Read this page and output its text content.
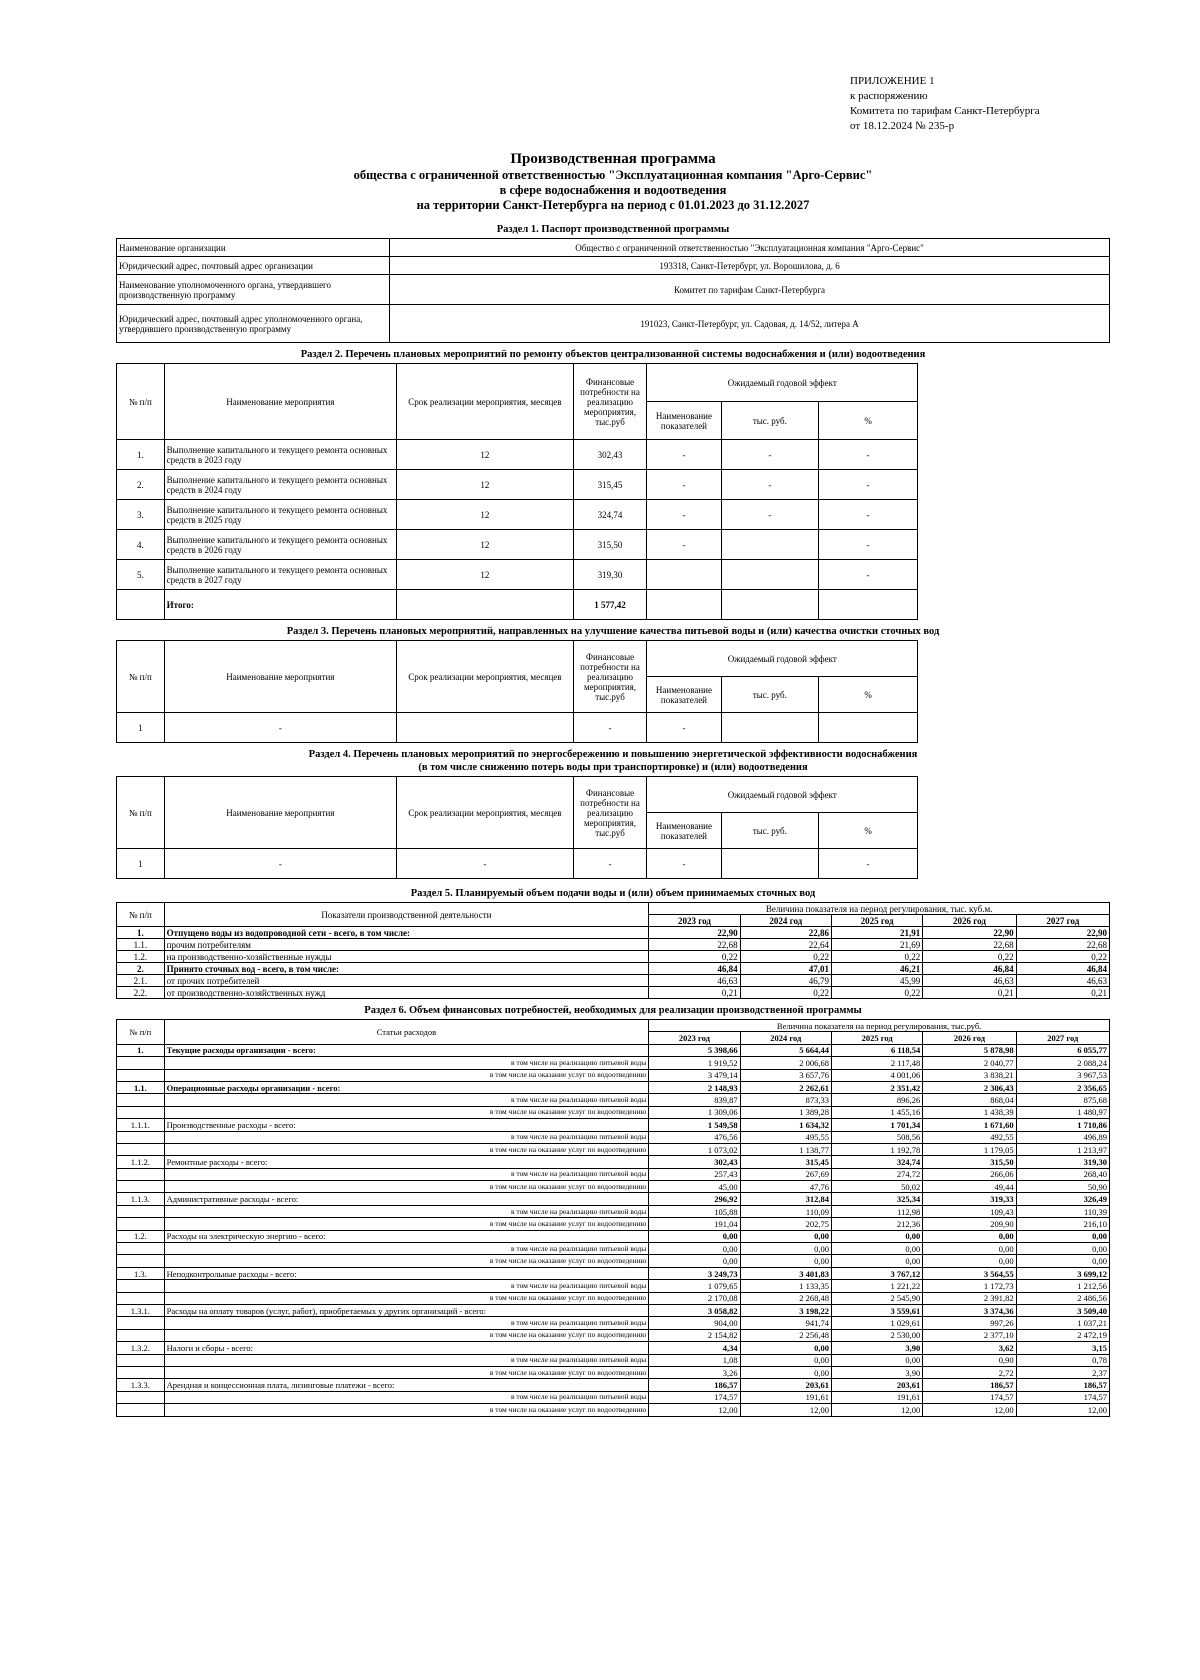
ПРИЛОЖЕНИЕ 1
к распоряжению
Комитета по тарифам Санкт-Петербурга
от 18.12.2024 № 235-р
Производственная программа
общества с ограниченной ответственностью "Эксплуатационная компания "Арго-Сервис"
в сфере водоснабжения и водоотведения
на территории Санкт-Петербурга на период с 01.01.2023 до 31.12.2027
Раздел 1. Паспорт производственной программы
Наименование организации	Общество с ограниченной ответственностью "Эксплуатационная компания "Арго-Сервис"
Юридический адрес, почтовый адрес организации	193318, Санкт-Петербург, ул. Ворошилова, д. 6
Наименование уполномоченного органа, утвердившего производственную программу	Комитет по тарифам Санкт-Петербурга
Юридический адрес, почтовый адрес уполномоченного органа, утвердившего производственную программу	191023, Санкт-Петербург, ул. Садовая, д. 14/52, литера А
Раздел 2. Перечень плановых мероприятий по ремонту объектов централизованной системы водоснабжения и (или) водоотведения
№ п/п	Наименование мероприятия	Срок реализации мероприятия, месяцев	Финансовые потребности на реализацию мероприятия, тыс.руб	Ожидаемый годовой эффект			
				Наименование показателей	тыс. руб.	%	
1.	Выполнение капитального и текущего ремонта основных средств в 2023 году	12	302,43	-	-	-	
2.	Выполнение капитального и текущего ремонта основных средств в 2024 году	12	315,45	-	-	-	
3.	Выполнение капитального и текущего ремонта основных средств в 2025 году	12	324,74	-	-	-	
4.	Выполнение капитального и текущего ремонта основных средств в 2026 году	12	315,50	-		-	
5.	Выполнение капитального и текущего ремонта основных средств в 2027 году	12	319,30			-	
	Итого:		1 577,42				
Раздел 3. Перечень плановых мероприятий, направленных на улучшение качества питьевой воды и (или) качества очистки сточных вод
№ п/п	Наименование мероприятия	Срок реализации мероприятия, месяцев	Финансовые потребности на реализацию мероприятия, тыс.руб	Ожидаемый годовой эффект			
				Наименование показателей	тыс. руб.	%	
1	-		-	-			
Раздел 4. Перечень плановых мероприятий по энергосбережению и повышению энергетической эффективности водоснабжения
(в том числе снижению потерь воды при транспортировке) и (или) водоотведения
№ п/п	Наименование мероприятия	Срок реализации мероприятия, месяцев	Финансовые потребности на реализацию мероприятия, тыс.руб	Ожидаемый годовой эффект			
				Наименование показателей	тыс. руб.	%	
1	-	-	-	-		-	
Раздел 5. Планируемый объем подачи воды и (или) объем принимаемых сточных вод
№ п/п	Показатели производственной деятельности	Величина показателя на период регулирования, тыс. куб.м.				
		2023 год	2024 год	2025 год	2026 год	2027 год
1.	Отпущено воды из водопроводной сети - всего, в том числе:	22,90	22,86	21,91	22,90	22,90
1.1.	прочим потребителям	22,68	22,64	21,69	22,68	22,68
1.2.	на производственно-хозяйственные нужды	0,22	0,22	0,22	0,22	0,22
2.	Принято сточных вод - всего, в том числе:	46,84	47,01	46,21	46,84	46,84
2.1.	от прочих потребителей	46,63	46,79	45,99	46,63	46,63
2.2.	от производственно-хозяйственных нужд	0,21	0,22	0,22	0,21	0,21
Раздел 6. Объем финансовых потребностей, необходимых для реализации производственной программы
№ п/п	Статьи расходов	Величина показателя на период регулирования, тыс.руб.				
		2023 год	2024 год	2025 год	2026 год	2027 год
1.	Текущие расходы организации - всего:	5 398,66	5 664,44	6 118,54	5 878,98	6 055,77
	в том числе на реализацию питьевой воды	1 919,52	2 006,68	2 117,48	2 040,77	2 088,24
	в том числе на оказание услуг по водоотведению	3 479,14	3 657,76	4 001,06	3 838,21	3 967,53
1.1.	Операционные расходы организации - всего:	2 148,93	2 262,61	2 351,42	2 306,43	2 356,65
	в том числе на реализацию питьевой воды	839,87	873,33	896,26	868,04	875,68
	в том числе на оказание услуг по водоотведению	1 309,06	1 389,28	1 455,16	1 438,39	1 480,97
1.1.1.	Производственные расходы - всего:	1 549,58	1 634,32	1 701,34	1 671,60	1 710,86
	в том числе на реализацию питьевой воды	476,56	495,55	508,56	492,55	496,89
	в том числе на оказание услуг по водоотведению	1 073,02	1 138,77	1 192,78	1 179,05	1 213,97
1.1.2.	Ремонтные расходы - всего:	302,43	315,45	324,74	315,50	319,30
	в том числе на реализацию питьевой воды	257,43	267,69	274,72	266,06	268,40
	в том числе на оказание услуг по водоотведению	45,00	47,76	50,02	49,44	50,90
1.1.3.	Административные расходы - всего:	296,92	312,84	325,34	319,33	326,49
	в том числе на реализацию питьевой воды	105,88	110,09	112,98	109,43	110,39
	в том числе на оказание услуг по водоотведению	191,04	202,75	212,36	209,90	216,10
1.2.	Расходы на электрическую энергию - всего:	0,00	0,00	0,00	0,00	0,00
	в том числе на реализацию питьевой воды	0,00	0,00	0,00	0,00	0,00
	в том числе на оказание услуг по водоотведению	0,00	0,00	0,00	0,00	0,00
1.3.	Неподконтрольные расходы - всего:	3 249,73	3 401,83	3 767,12	3 564,55	3 699,12
	в том числе на реализацию питьевой воды	1 079,65	1 133,35	1 221,22	1 172,73	1 212,56
	в том числе на оказание услуг по водоотведению	2 170,08	2 268,48	2 545,90	2 391,82	2 486,56
1.3.1.	Расходы на оплату товаров (услуг, работ), приобретаемых у других организаций - всего:	3 058,82	3 198,22	3 559,61	3 374,36	3 509,40
	в том числе на реализацию питьевой воды	904,00	941,74	1 029,61	997,26	1 037,21
	в том числе на оказание услуг по водоотведению	2 154,82	2 256,48	2 530,00	2 377,10	2 472,19
1.3.2.	Налоги и сборы - всего:	4,34	0,00	3,90	3,62	3,15
	в том числе на реализацию питьевой воды	1,08	0,00	0,00	0,90	0,78
	в том числе на оказание услуг по водоотведению	3,26	0,00	3,90	2,72	2,37
1.3.3.	Арендная и концессионная плата, лизинговые платежи - всего:	186,57	203,61	203,61	186,57	186,57
	в том числе на реализацию питьевой воды	174,57	191,61	191,61	174,57	174,57
	в том числе на оказание услуг по водоотведению	12,00	12,00	12,00	12,00	12,00
